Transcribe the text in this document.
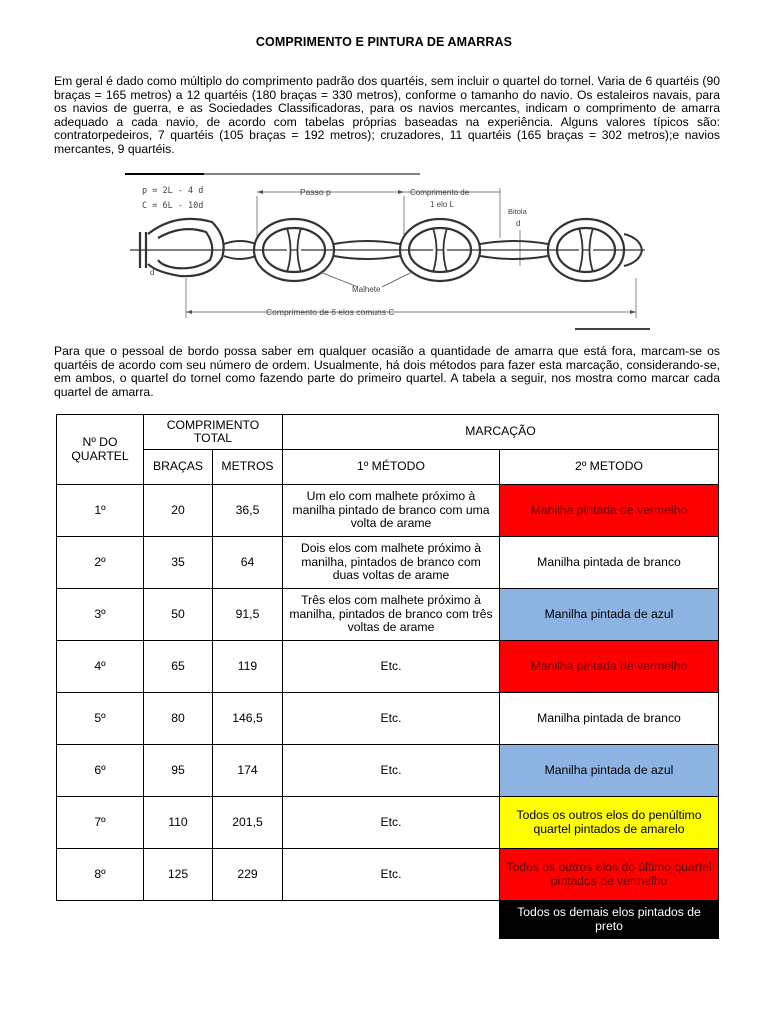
COMPRIMENTO E PINTURA DE AMARRAS

Em geral é dado como múltiplo do comprimento padrão dos quartéis, sem incluir o quartel do tornel. Varia de 6 quartéis (90 braças = 165 metros) a 12 quartéis (180 braças = 330 metros), conforme o tamanho do navio. Os estaleiros navais, para os navios de guerra, e as Sociedades Classificadoras, para os navios mercantes, indicam o comprimento de amarra adequado a cada navio, de acordo com tabelas próprias baseadas na experiência. Alguns valores típicos são: contratorpedeiros, 7 quartéis (105 braças = 192 metros); cruzadores, 11 quartéis (165 braças = 302 metros);e navios mercantes, 9 quartéis.

p = 2L - 4 d
C = 6L - 10d
Passo p	Comprimento de
1 elo L
Bitola
d
d
Malhete
Comprimento de 6 elos comuns C

Para que o pessoal de bordo possa saber em qualquer ocasião a quantidade de amarra que está fora, marcam-se os quartéis de acordo com seu número de ordem. Usualmente, há dois métodos para fazer esta marcação, considerando-se, em ambos, o quartel do tornel como fazendo parte do primeiro quartel. A tabela a seguir, nos mostra como marcar cada quartel de amarra.

Nº DO QUARTEL	COMPRIMENTO TOTAL		MARCAÇÃO	
	BRAÇAS	METROS	1º MÉTODO	2º METODO
1º	20	36,5	Um elo com malhete próximo à manilha pintado de branco com uma volta de arame	Manilha pintada de vermelho
2º	35	64	Dois elos com malhete próximo à manilha, pintados de branco com duas voltas de arame	Manilha pintada de branco
3º	50	91,5	Três elos com malhete próximo à manilha, pintados de branco com três voltas de arame	Manilha pintada de azul
4º	65	119	Etc.	Manilha pintada de vermelho
5º	80	146,5	Etc.	Manilha pintada de branco
6º	95	174	Etc.	Manilha pintada de azul
7º	110	201,5	Etc.	Todos os outros elos do penúltimo quartel pintados de amarelo
8º	125	229	Etc.	Todos os outros elos do último quartel pintados de vermelho
				Todos os demais elos pintados de preto
